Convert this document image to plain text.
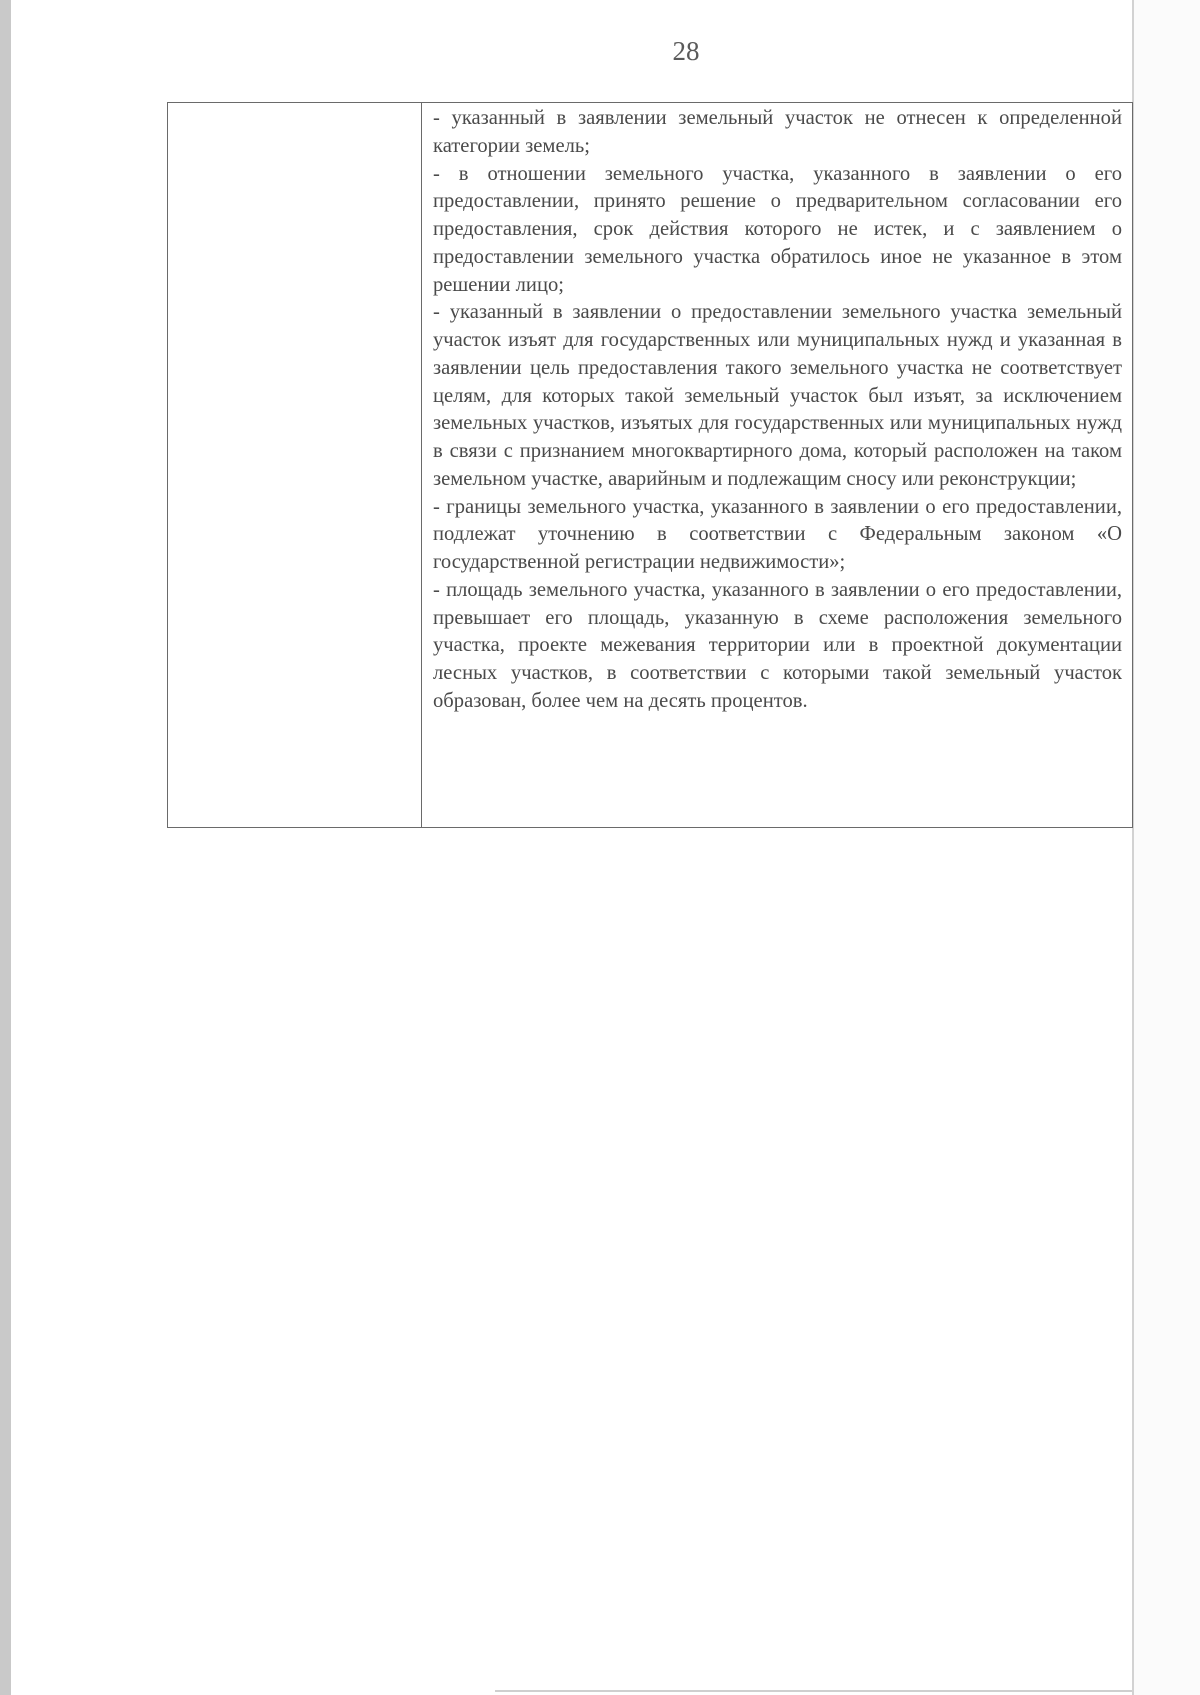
28

- указанный в заявлении земельный участок не отнесен к определенной категории земель;

- в отношении земельного участка, указанного в заявлении о его предоставлении, принято решение о предварительном согласовании его предоставления, срок действия которого не истек, и с заявлением о предоставлении земельного участка обратилось иное не указанное в этом решении лицо;

- указанный в заявлении о предоставлении земельного участка земельный участок изъят для государственных или муниципальных нужд и указанная в заявлении цель предоставления такого земельного участка не соответствует целям, для которых такой земельный участок был изъят, за исключением земельных участков, изъятых для государственных или муниципальных нужд в связи с признанием многоквартирного дома, который расположен на таком земельном участке, аварийным и подлежащим сносу или реконструкции;

- границы земельного участка, указанного в заявлении о его предоставлении, подлежат уточнению в соответствии с Федеральным законом «О государственной регистрации недвижимости»;

- площадь земельного участка, указанного в заявлении о его предоставлении, превышает его площадь, указанную в схеме расположения земельного участка, проекте межевания территории или в проектной документации лесных участков, в соответствии с которыми такой земельный участок образован, более чем на десять процентов.
